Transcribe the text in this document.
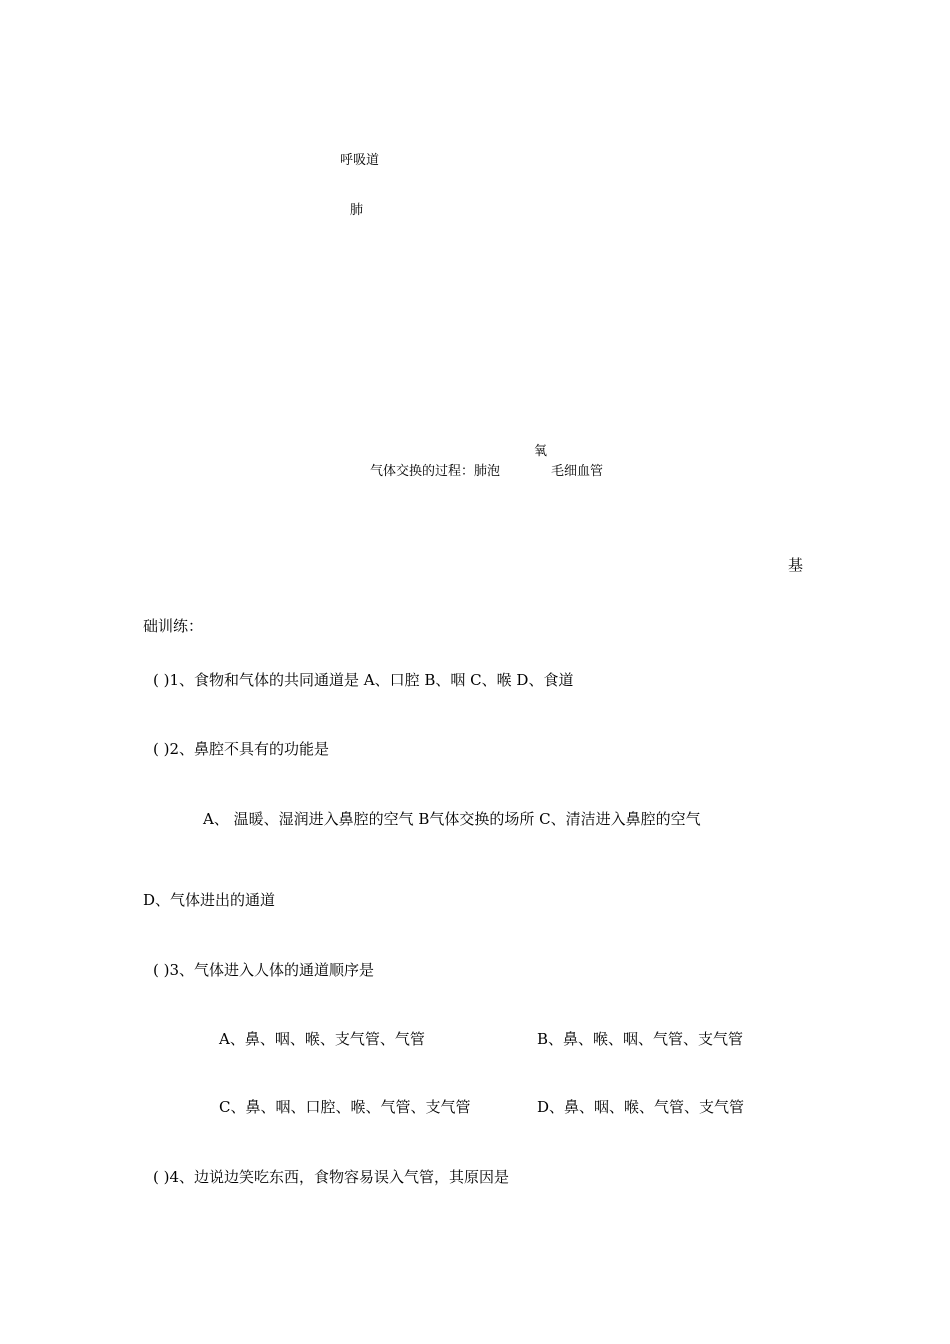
呼吸道
肺
氧
气体交换的过程：肺泡	毛细血管
基
础训练：
( )1、食物和气体的共同通道是 A、口腔 B、咽 C、喉 D、食道
( )2、鼻腔不具有的功能是
A、 温暖、湿润进入鼻腔的空气 B气体交换的场所 C、清洁进入鼻腔的空气
D、气体进出的通道
( )3、气体进入人体的通道顺序是
A、鼻、咽、喉、支气管、气管	B、鼻、喉、咽、气管、支气管
C、鼻、咽、口腔、喉、气管、支气管	D、鼻、咽、喉、气管、支气管
( )4、边说边笑吃东西，食物容易误入气管，其原因是
